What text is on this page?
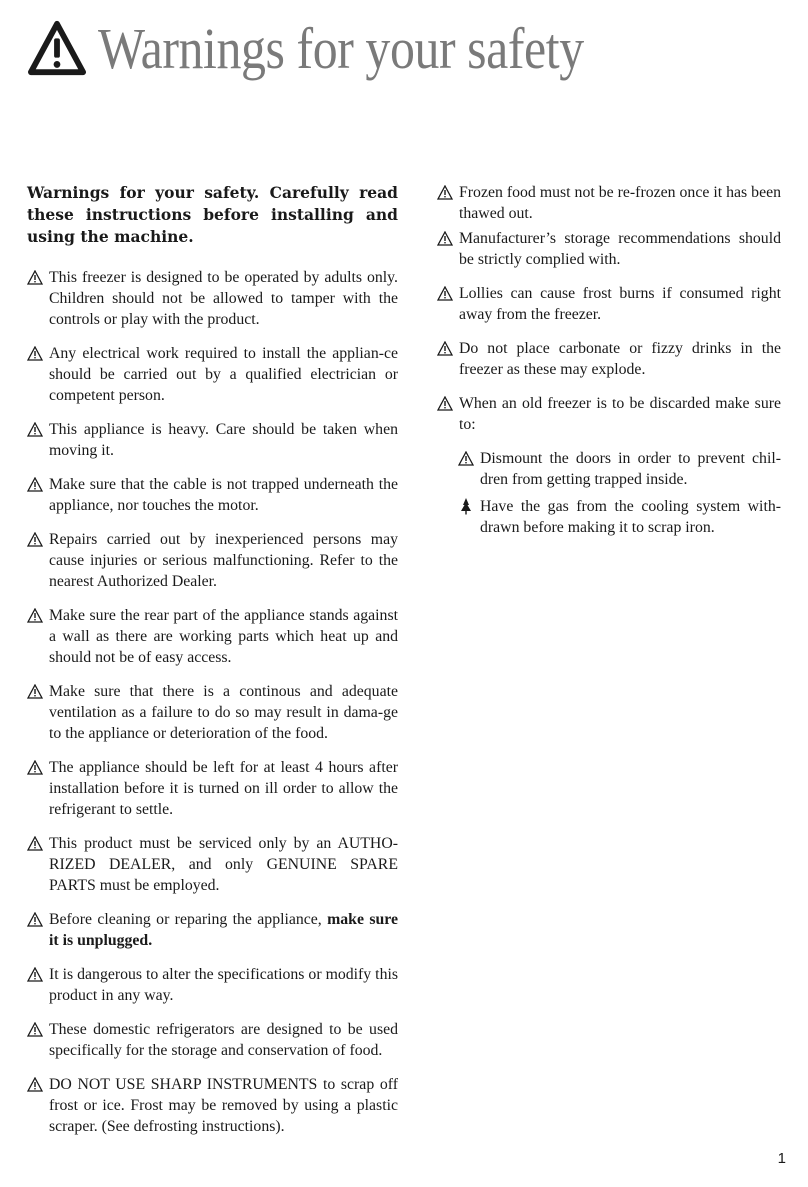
Warnings for your safety

Warnings for your safety. Carefully read these instructions before installing and using the machine.

This freezer is designed to be operated by adults only. Children should not be allowed to tamper with the controls or play with the product.
Any electrical work required to install the applian-ce should be carried out by a qualified electrician or competent person.
This appliance is heavy. Care should be taken when moving it.
Make sure that the cable is not trapped underneath the appliance, nor touches the motor.
Repairs carried out by inexperienced persons may cause injuries or serious malfunctioning. Refer to the nearest Authorized Dealer.
Make sure the rear part of the appliance stands against a wall as there are working parts which heat up and should not be of easy access.
Make sure that there is a continous and adequate ventilation as a failure to do so may result in dama-ge to the appliance or deterioration of the food.
The appliance should be left for at least 4 hours after installation before it is turned on ill order to allow the refrigerant to settle.
This product must be serviced only by an AUTHO-RIZED DEALER, and only GENUINE SPARE PARTS must be employed.
Before cleaning or reparing the appliance, make sure it is unplugged.
It is dangerous to alter the specifications or modify this product in any way.
These domestic refrigerators are designed to be used specifically for the storage and conservation of food.
DO NOT USE SHARP INSTRUMENTS to scrap off frost or ice. Frost may be removed by using a plastic scraper. (See defrosting instructions).
Frozen food must not be re-frozen once it has been thawed out.
Manufacturer’s storage recommendations should be strictly complied with.
Lollies can cause frost burns if consumed right away from the freezer.
Do not place carbonate or fizzy drinks in the freezer as these may explode.
When an old freezer is to be discarded make sure to:
Dismount the doors in order to prevent chil-dren from getting trapped inside.
Have the gas from the cooling system with-drawn before making it to scrap iron.
1
